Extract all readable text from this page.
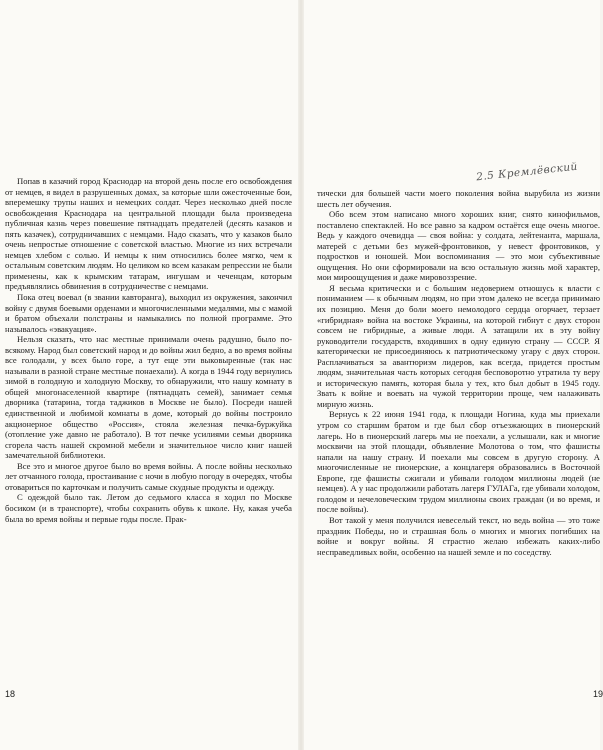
Попав в казачий город Краснодар на второй день после его освобождения от немцев, я видел в разрушенных домах, за которые шли ожесточенные бои, вперемешку трупы наших и немецких солдат. Через несколько дней после освобождения Краснодара на центральной площади была произведена публичная казнь через повешение пятнадцать предателей (десять казаков и пять казачек), сотрудничавших с немцами. Надо сказать, что у казаков было очень непростые отношение с советской властью. Многие из них встречали немцев хлебом с солью. И немцы к ним относились более мягко, чем к остальным советским людям. Но целиком ко всем казакам репрессии не были применены, как к крымским татарам, ингушам и чеченцам, которым предъявлялись обвинения в сотрудничестве с немцами.

Пока отец воевал (в звании кавторанга), выходил из окружения, закончил войну с двумя боевыми орденами и многочисленными медалями, мы с мамой и братом объехали полстраны и намыкались по полной программе. Это называлось «эвакуация».

Нельзя сказать, что нас местные принимали очень радушно, было по-всякому. Народ был советский народ и до войны жил бедно, а во время войны все голодали, у всех было горе, а тут еще эти выковыренные (так нас называли в разной стране местные понаехали). А когда в 1944 году вернулись зимой в голодную и холодную Москву, то обнаружили, что нашу комнату в общей многонаселенной квартире (пятнадцать семей), занимает семья дворника (татарина, тогда таджиков в Москве не было). Посреди нашей единственной и любимой комнаты в доме, который до войны построило акционерное общество «Россия», стояла железная печка-буржуйка (отопление уже давно не работало). В тот печке усилиями семьи дворника сгорела часть нашей скромной мебели и значительное число книг нашей замечательной библиотеки.

Все это и многое другое было во время войны. А после войны несколько лет отчанного голода, простаивание с ночи в любую погоду в очередях, чтобы отовариться по карточкам и получить самые скудные продукты и одежду.

С одеждой было так. Летом до седьмого класса я ходил по Москве босиком (и в транспорте), чтобы сохранить обувь к школе. Ну, какая учеба была во время войны и первые годы после. Прак-

18
2.5 Кремлёвский

тически для большей части моего поколения война вырубила из жизни шесть лет обучения.

Обо всем этом написано много хороших книг, снято кинофильмов, поставлено спектаклей. Но все равно за кадром остаётся еще очень многое. Ведь у каждого очевидца — своя война: у солдата, лейтенанта, маршала, матерей с детьми без мужей-фронтовиков, у невест фронтовиков, у подростков и юношей. Мои воспоминания — это мои субъективные ощущения. Но они сформировали на всю остальную жизнь мой характер, мои мироощущения и даже мировоззрение.

Я весьма критически и с большим недоверием отношусь к власти с пониманием — к обычным людям, но при этом далеко не всегда принимаю их позицию. Меня до боли моего немолодого сердца огорчает, терзает «гибридная» война на востоке Украины, на которой гибнут с двух сторон совсем не гибридные, а живые люди. А затащили их в эту войну руководители государств, входивших в одну единую страну — СССР. Я категорически не присоединяюсь к патриотическому угару с двух сторон. Расплачиваться за авантюризм лидеров, как всегда, придется простым людям, значительная часть которых сегодня бесповоротно утратила ту веру и историческую память, которая была у тех, кто был добыт в 1945 году. Звать к войне и воевать на чужой территории проще, чем налаживать мирную жизнь.

Вернусь к 22 июня 1941 года, к площади Ногина, куда мы приехали утром со старшим братом и где был сбор отъезжающих в пионерский лагерь. Но в пионерский лагерь мы не поехали, а услышали, как и многие москвичи на этой площади, объявление Молотова о том, что фашисты напали на нашу страну. И поехали мы совсем в другую сторону. А многочисленные не пионерские, а концлагеря образовались в Восточной Европе, где фашисты сжигали и убивали голодом миллионы людей (не немцев). А у нас продолжили работать лагеря ГУЛАГа, где убивали холодом, голодом и нечеловеческим трудом миллионы своих граждан (и во время, и после войны).

Вот такой у меня получился невеселый текст, но ведь война — это тоже праздник Победы, но и страшная боль о многих и многих погибших на войне и вокруг войны. Я страстно желаю избежать каких-либо несправедливых войн, особенно на нашей земле и по соседству.

19
